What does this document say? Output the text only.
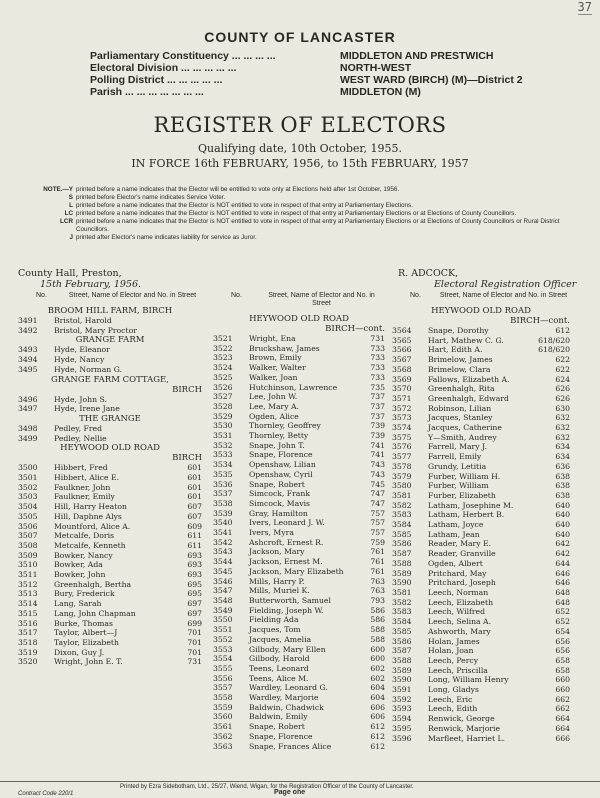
37
COUNTY OF LANCASTER
Parliamentary Constituency ... ... ... ...	MIDDLETON AND PRESTWICH
Electoral Division ... ... ... ... ...	NORTH-WEST
Polling District ... ... ... ... ...	WEST WARD (BIRCH) (M)—District 2
Parish ... ... ... ... ... ... ...	MIDDLETON (M)
REGISTER OF ELECTORS
Qualifying date, 10th October, 1955.
IN FORCE 16th FEBRUARY, 1956, to 15th FEBRUARY, 1957
NOTE.—Y printed before a name indicates that the Elector will be entitled to vote only at Elections held after 1st October, 1956.
S printed before Elector's name indicates Service Voter.
L printed before a name indicates that the Elector is NOT entitled to vote in respect of that entry at Parliamentary Elections.
LC printed before a name indicates that the Elector is NOT entitled to vote in respect of that entry at Parliamentary Elections or at Elections of County Councillors.
LCR printed before a name indicates that the Elector is NOT entitled to vote in respect of that entry at Parliamentary Elections or at Elections of County Councillors or Rural District Councillors.
J printed after Elector's name indicates liability for service as Juror.
County Hall, Preston,
15th February, 1956.
R. ADCOCK,
Electoral Registration Officer
No.	Street, Name of Elector and No. in Street
BROOM HILL FARM, BIRCH
3491	Bristol, Harold
3492	Bristol, Mary Proctor
GRANGE FARM
3493	Hyde, Eleanor
3494	Hyde, Nancy
3495	Hyde, Norman G.
GRANGE FARM COTTAGE,
BIRCH
3496	Hyde, John S.
3497	Hyde, Irene Jane
THE GRANGE
3498	Pedley, Fred
3499	Pedley, Nellie
HEYWOOD OLD ROAD
BIRCH
3500	Hibbert, Fred	601
3501	Hibbert, Alice E.	601
3502	Faulkner, John	601
3503	Faulkner, Emily	601
3504	Hill, Harry Heaton	607
3505	Hill, Daphne Alys	607
3506	Mountford, Alice A.	609
3507	Metcalfe, Doris	611
3508	Metcalfe, Kenneth	611
3509	Bowker, Nancy	693
3510	Bowker, Ada	693
3511	Bowker, John	693
3512	Greenhalgh, Bertha	695
3513	Bury, Frederick	695
3514	Lang, Sarah	697
3515	Lang, John Chapman	697
3516	Burke, Thomas	699
3517	Taylor, Albert—J	701
3518	Taylor, Elizabeth	701
3519	Dixon, Guy J.	701
3520	Wright, John E. T.	731
No.	Street, Name of Elector and No. in Street
HEYWOOD OLD ROAD
BIRCH—cont.
3521	Wright, Ena	731
3522	Bruckshaw, James	733
3523	Brown, Emily	733
3524	Walker, Walter	733
3525	Walker, Joan	733
3526	Hutchinson, Lawrence	735
3527	Lee, John W.	737
3528	Lee, Mary A.	737
3529	Ogden, Alice	737
3530	Thornley, Geoffrey	739
3531	Thornley, Betty	739
3532	Snape, John T.	741
3533	Snape, Florence	741
3534	Openshaw, Lilian	743
3535	Openshaw, Cyril	743
3536	Snape, Robert	745
3537	Simcock, Frank	747
3538	Simcock, Mavis	747
3539	Gray, Hamilton	757
3540	Ivers, Leonard J. W.	757
3541	Ivers, Myra	757
3542	Ashcroft, Ernest R.	759
3543	Jackson, Mary	761
3544	Jackson, Ernest M.	761
3545	Jackson, Mary Elizabeth	761
3546	Mills, Harry P.	763
3547	Mills, Muriel K.	763
3548	Butterworth, Samuel	793
3549	Fielding, Joseph W.	586
3550	Fielding Ada	586
3551	Jacques, Tom	588
3552	Jacques, Amelia	588
3553	Gilbody, Mary Ellen	600
3554	Gilbody, Harold	600
3555	Teens, Leonard	602
3556	Teens, Alice M.	602
3557	Wardley, Leonard G.	604
3558	Wardley, Marjorie	604
3559	Baldwin, Chadwick	606
3560	Baldwin, Emily	606
3561	Snape, Robert	612
3562	Snape, Florence	612
3563	Snape, Frances Alice	612
No.	Street, Name of Elector and No. in Street
HEYWOOD OLD ROAD
BIRCH—cont.
3564	Snape, Dorothy	612
3565	Hart, Mathew C. G.	618/620
3566	Hart, Edith A.	618/620
3567	Brimelow, James	622
3568	Brimelow, Clara	622
3569	Fallows, Elizabeth A.	624
3570	Greenhalgh, Rita	626
3571	Greenhalgh, Edward	626
3572	Robinson, Lilian	630
3573	Jacques, Stanley	632
3574	Jacques, Catherine	632
3575	Y—Smith, Audrey	632
3576	Farrell, Mary J.	634
3577	Farrell, Emily	634
3578	Grundy, Letitia	636
3579	Furber, William H.	638
3580	Furber, William	638
3581	Furber, Elizabeth	638
3582	Latham, Josephine M.	640
3583	Latham, Herbert B.	640
3584	Latham, Joyce	640
3585	Latham, Jean	640
3586	Reader, Mary E.	642
3587	Reader, Granville	642
3588	Ogden, Albert	644
3589	Pritchard, May	646
3590	Pritchard, Joseph	646
3581	Leech, Norman	648
3582	Leech, Elizabeth	648
3583	Leech, Wilfred	652
3584	Leech, Selina A.	652
3585	Ashworth, Mary	654
3586	Holan, James	656
3587	Holan, Joan	656
3588	Leech, Percy	658
3589	Leech, Priscilla	658
3590	Long, William Henry	660
3591	Long, Gladys	660
3592	Leech, Eric	662
3593	Leech, Edith	662
3594	Renwick, George	664
3595	Renwick, Marjorie	664
3596	Marfleet, Harriet L.	666
Printed by Ezra Sidebotham, Ltd., 25/27, Wiend, Wigan, for the Registration Officer of the County of Lancaster.
Contract Code 220/1	Page one
